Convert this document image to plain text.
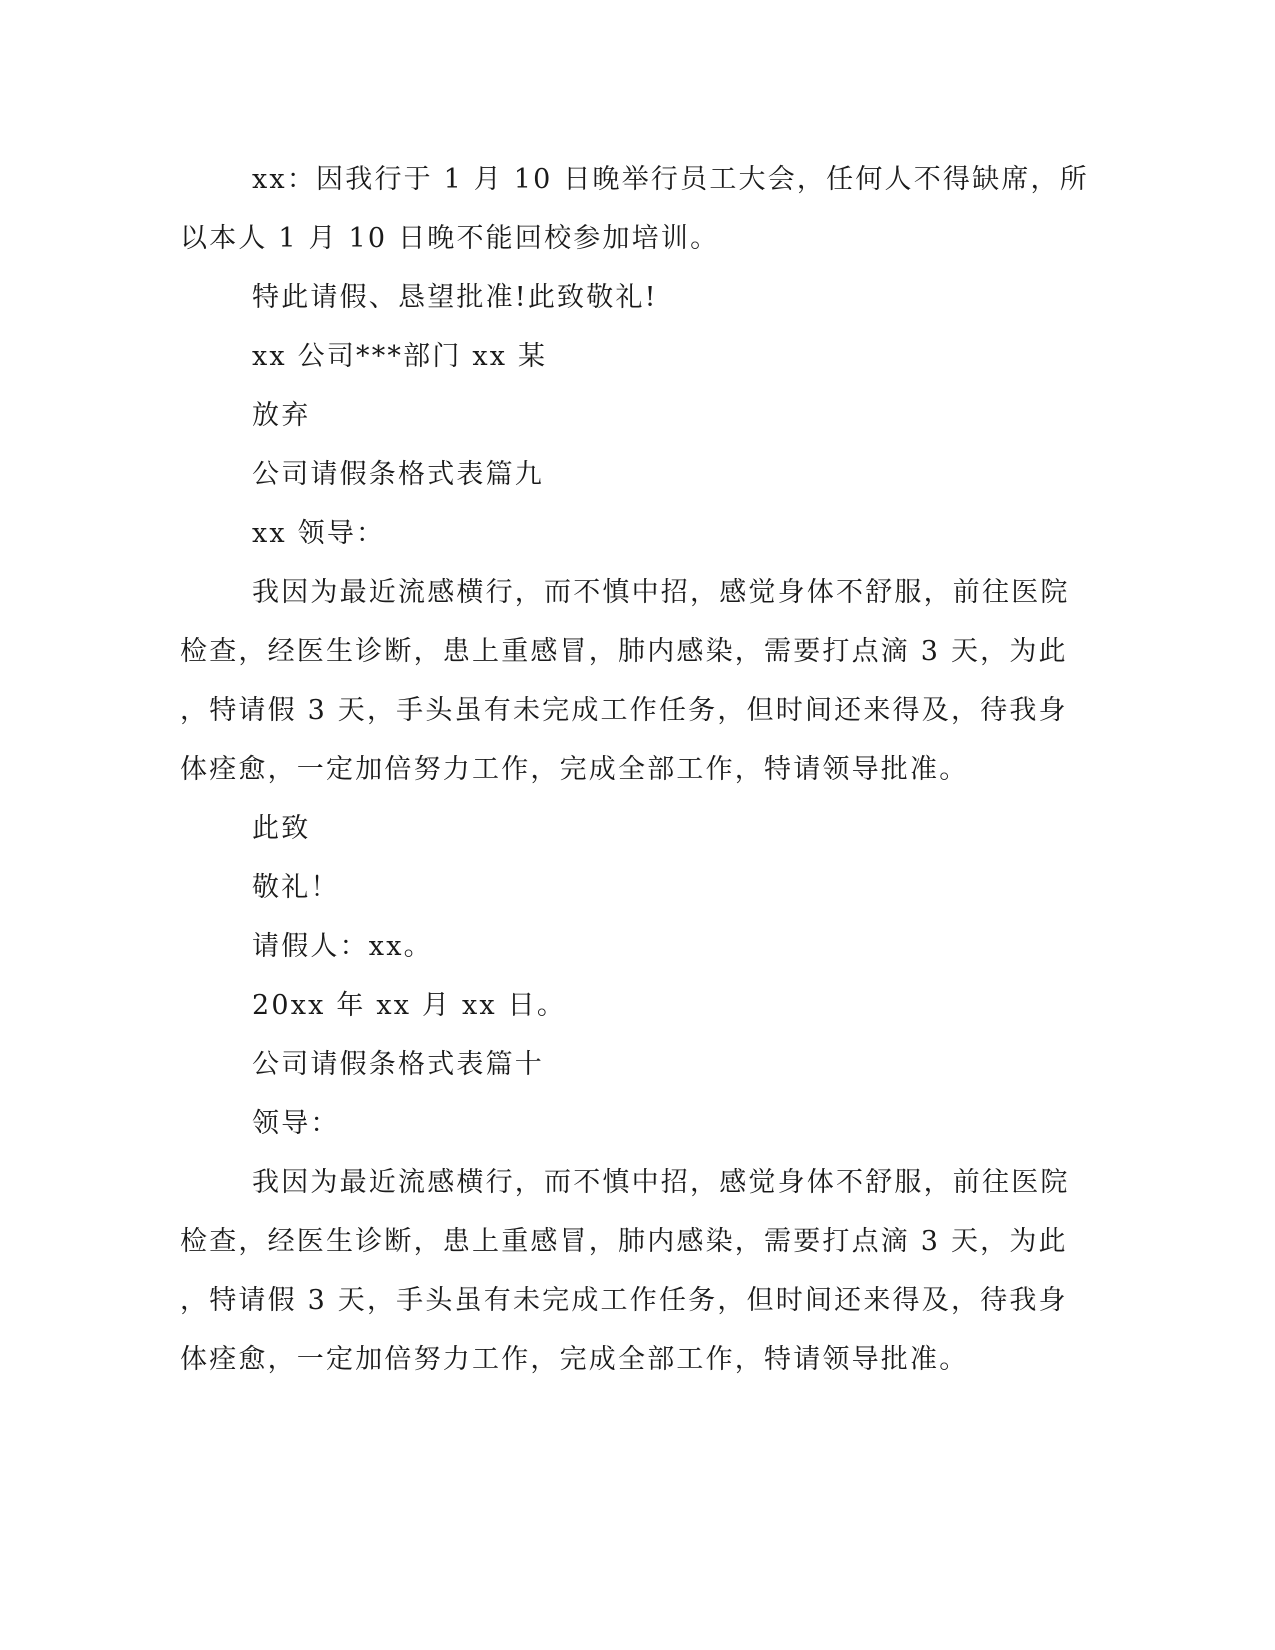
xx：因我行于 1 月 10 日晚举行员工大会，任何人不得缺席，所
以本人 1 月 10 日晚不能回校参加培训。
特此请假、恳望批准!此致敬礼!
xx 公司***部门 xx 某
放弃
公司请假条格式表篇九
xx 领导：
我因为最近流感横行，而不慎中招，感觉身体不舒服，前往医院
检查，经医生诊断，患上重感冒，肺内感染，需要打点滴 3 天，为此
，特请假 3 天，手头虽有未完成工作任务，但时间还来得及，待我身
体痊愈，一定加倍努力工作，完成全部工作，特请领导批准。
此致
敬礼！
请假人：xx。
20xx 年 xx 月 xx 日。
公司请假条格式表篇十
领导：
我因为最近流感横行，而不慎中招，感觉身体不舒服，前往医院
检查，经医生诊断，患上重感冒，肺内感染，需要打点滴 3 天，为此
，特请假 3 天，手头虽有未完成工作任务，但时间还来得及，待我身
体痊愈，一定加倍努力工作，完成全部工作，特请领导批准。
